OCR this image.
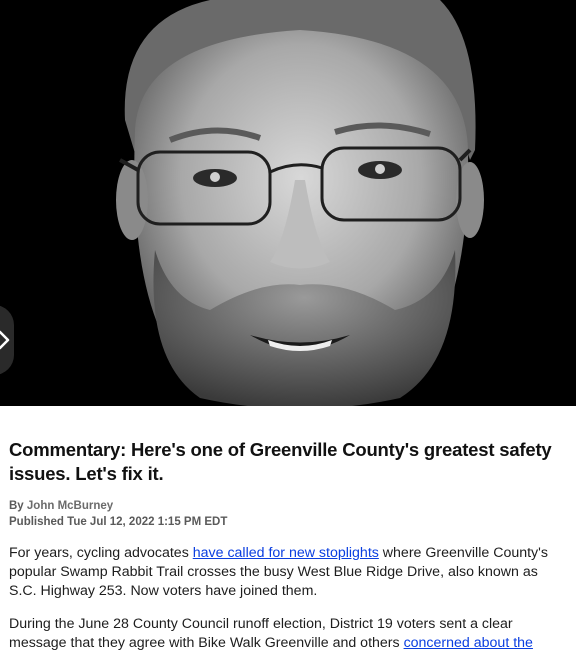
Commentary: Here's one of Greenville County's greatest safety issues. Let's fix it.
By John McBurney
Published Tue Jul 12, 2022 1:15 PM EDT

For years, cycling advocates have called for new stoplights where Greenville County's popular Swamp Rabbit Trail crosses the busy West Blue Ridge Drive, also known as S.C. Highway 253. Now voters have joined them.

During the June 28 County Council runoff election, District 19 voters sent a clear message that they agree with Bike Walk Greenville and others concerned about the
